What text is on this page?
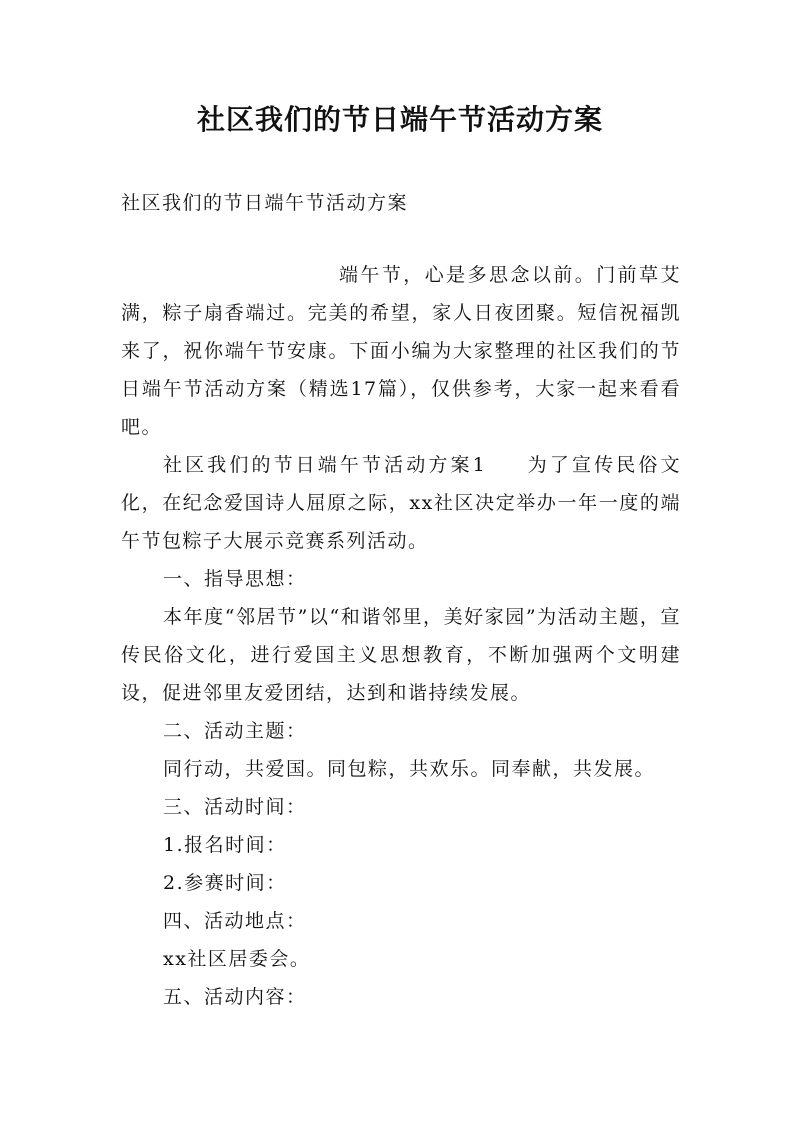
社区我们的节日端午节活动方案
社区我们的节日端午节活动方案

端午节，心是多思念以前。门前草艾满，粽子扇香端过。完美的希望，家人日夜团聚。短信祝福凯来了，祝你端午节安康。下面小编为大家整理的社区我们的节日端午节活动方案（精选17篇），仅供参考，大家一起来看看吧。

社区我们的节日端午节活动方案1 为了宣传民俗文化，在纪念爱国诗人屈原之际，xx社区决定举办一年一度的端午节包粽子大展示竞赛系列活动。

一、指导思想：

本年度“邻居节”以“和谐邻里，美好家园”为活动主题，宣传民俗文化，进行爱国主义思想教育，不断加强两个文明建设，促进邻里友爱团结，达到和谐持续发展。

二、活动主题：

同行动，共爱国。同包粽，共欢乐。同奉献，共发展。

三、活动时间：

1.报名时间：

2.参赛时间：

四、活动地点：

xx社区居委会。

五、活动内容：
